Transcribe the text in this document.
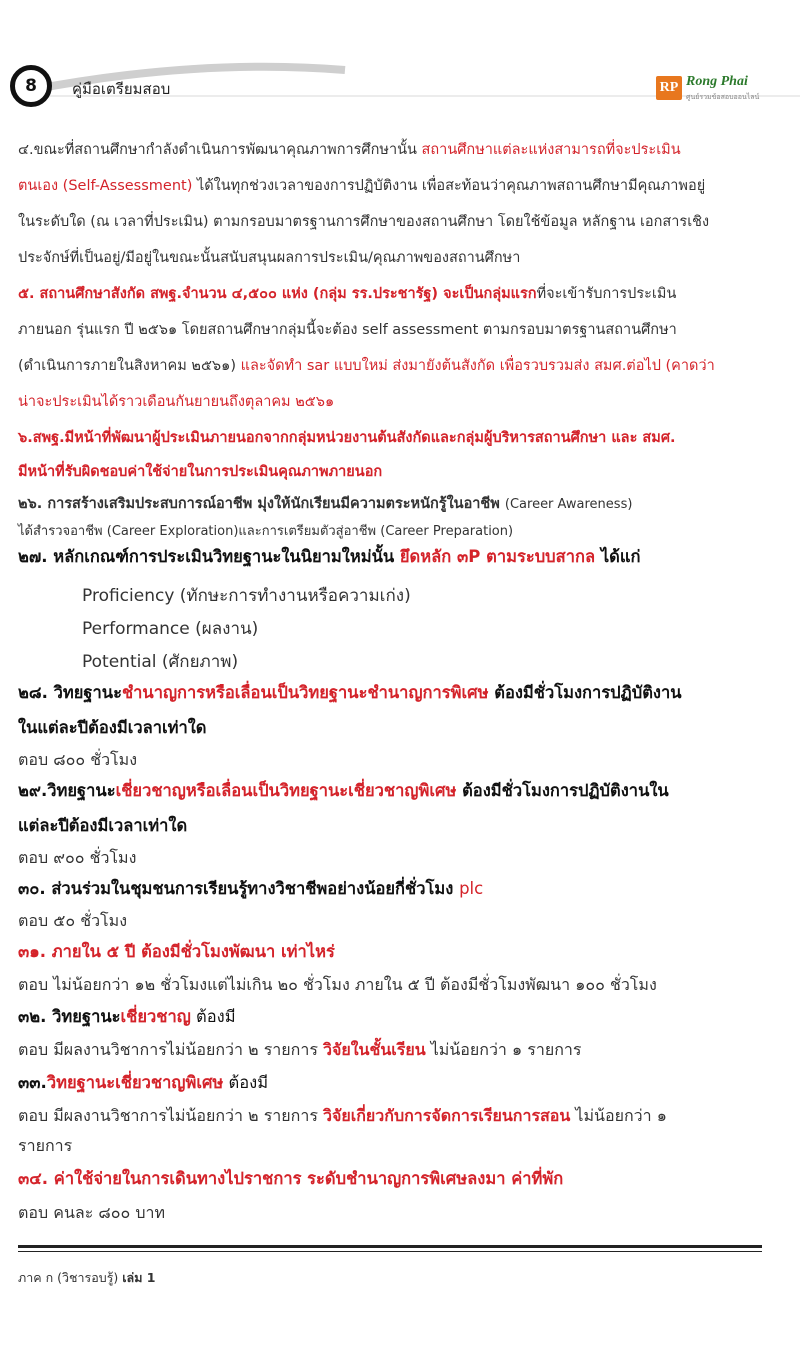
8	คู่มือเตรียมสอบ	RP Rong Phai
ศูนย์รวมข้อสอบออนไลน์
๔.ขณะที่สถานศึกษากำลังดำเนินการพัฒนาคุณภาพการศึกษานั้น สถานศึกษาแต่ละแห่งสามารถที่จะประเมิน
ตนเอง (Self-Assessment) ได้ในทุกช่วงเวลาของการปฏิบัติงาน เพื่อสะท้อนว่าคุณภาพสถานศึกษามีคุณภาพอยู่
ในระดับใด (ณ เวลาที่ประเมิน) ตามกรอบมาตรฐานการศึกษาของสถานศึกษา โดยใช้ข้อมูล หลักฐาน เอกสารเชิง
ประจักษ์ที่เป็นอยู่/มีอยู่ในขณะนั้นสนับสนุนผลการประเมิน/คุณภาพของสถานศึกษา
๕. สถานศึกษาสังกัด สพฐ.จำนวน ๔,๕๐๐ แห่ง (กลุ่ม รร.ประชารัฐ) จะเป็นกลุ่มแรกที่จะเข้ารับการประเมิน
ภายนอก รุ่นแรก ปี ๒๕๖๑ โดยสถานศึกษากลุ่มนี้จะต้อง self assessment ตามกรอบมาตรฐานสถานศึกษา
(ดำเนินการภายในสิงหาคม ๒๕๖๑) และจัดทำ sar แบบใหม่ ส่งมายังต้นสังกัด เพื่อรวบรวมส่ง สมศ.ต่อไป (คาดว่า
น่าจะประเมินได้ราวเดือนกันยายนถึงตุลาคม ๒๕๖๑
๖.สพฐ.มีหน้าที่พัฒนาผู้ประเมินภายนอกจากกลุ่มหน่วยงานต้นสังกัดและกลุ่มผู้บริหารสถานศึกษา และ สมศ.
มีหน้าที่รับผิดชอบค่าใช้จ่ายในการประเมินคุณภาพภายนอก
๒๖. การสร้างเสริมประสบการณ์อาชีพ มุ่งให้นักเรียนมีความตระหนักรู้ในอาชีพ (Career Awareness)
ได้สำรวจอาชีพ (Career Exploration)และการเตรียมตัวสู่อาชีพ (Career Preparation)
๒๗. หลักเกณฑ์การประเมินวิทยฐานะในนิยามใหม่นั้น ยึดหลัก ๓P ตามระบบสากล ได้แก่
Proficiency (ทักษะการทำงานหรือความเก่ง)
Performance (ผลงาน)
Potential (ศักยภาพ)
๒๘. วิทยฐานะชำนาญการหรือเลื่อนเป็นวิทยฐานะชำนาญการพิเศษ ต้องมีชั่วโมงการปฏิบัติงาน
ในแต่ละปีต้องมีเวลาเท่าใด
ตอบ ๘๐๐ ชั่วโมง
๒๙.วิทยฐานะเชี่ยวชาญหรือเลื่อนเป็นวิทยฐานะเชี่ยวชาญพิเศษ ต้องมีชั่วโมงการปฏิบัติงานใน
แต่ละปีต้องมีเวลาเท่าใด
ตอบ ๙๐๐ ชั่วโมง
๓๐. ส่วนร่วมในชุมชนการเรียนรู้ทางวิชาชีพอย่างน้อยกี่ชั่วโมง plc
ตอบ ๕๐ ชั่วโมง
๓๑. ภายใน ๕ ปี ต้องมีชั่วโมงพัฒนา เท่าไหร่
ตอบ ไม่น้อยกว่า ๑๒ ชั่วโมงแต่ไม่เกิน ๒๐ ชั่วโมง ภายใน ๕ ปี ต้องมีชั่วโมงพัฒนา ๑๐๐ ชั่วโมง
๓๒. วิทยฐานะเชี่ยวชาญ ต้องมี
ตอบ มีผลงานวิชาการไม่น้อยกว่า ๒ รายการ วิจัยในชั้นเรียน ไม่น้อยกว่า ๑ รายการ
๓๓.วิทยฐานะเชี่ยวชาญพิเศษ ต้องมี
ตอบ มีผลงานวิชาการไม่น้อยกว่า ๒ รายการ วิจัยเกี่ยวกับการจัดการเรียนการสอน ไม่น้อยกว่า ๑
รายการ
๓๔. ค่าใช้จ่ายในการเดินทางไปราชการ ระดับชำนาญการพิเศษลงมา ค่าที่พัก
ตอบ คนละ ๘๐๐ บาท
ภาค ก (วิชารอบรู้) เล่ม 1
